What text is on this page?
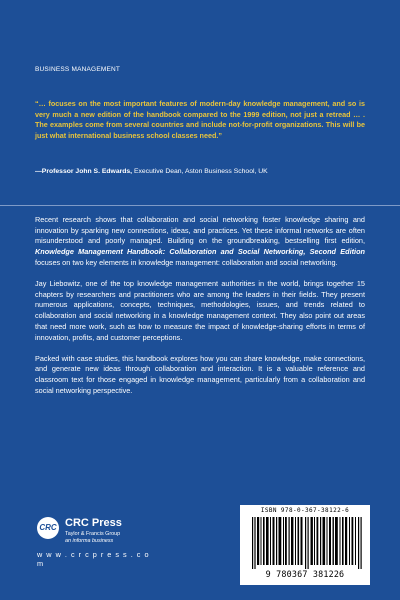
BUSINESS MANAGEMENT
“… focuses on the most important features of modern-day knowledge management, and so is very much a new edition of the handbook compared to the 1999 edition, not just a retread … . The examples come from several countries and include not-for-profit organizations. This will be just what international business school classes need.”
—Professor John S. Edwards, Executive Dean, Aston Business School, UK

Recent research shows that collaboration and social networking foster knowledge sharing and innovation by sparking new connections, ideas, and practices. Yet these informal networks are often misunderstood and poorly managed. Building on the groundbreaking, bestselling first edition, Knowledge Management Handbook: Collaboration and Social Networking, Second Edition focuses on two key elements in knowledge management: collaboration and social networking.

Jay Liebowitz, one of the top knowledge management authorities in the world, brings together 15 chapters by researchers and practitioners who are among the leaders in their fields. They present numerous applications, concepts, techniques, methodologies, issues, and trends related to collaboration and social networking in a knowledge management context. They also point out areas that need more work, such as how to measure the impact of knowledge-sharing efforts in terms of innovation, profits, and customer perceptions.

Packed with case studies, this handbook explores how you can share knowledge, make connections, and generate new ideas through collaboration and interaction. It is a valuable reference and classroom text for those engaged in knowledge management, particularly from a collaboration and social networking perspective.

CRC CRC Press
Taylor & Francis Group
an informa business
w w w . c r c p r e s s . c o m
ISBN 978-0-367-38122-6
9 780367 381226
